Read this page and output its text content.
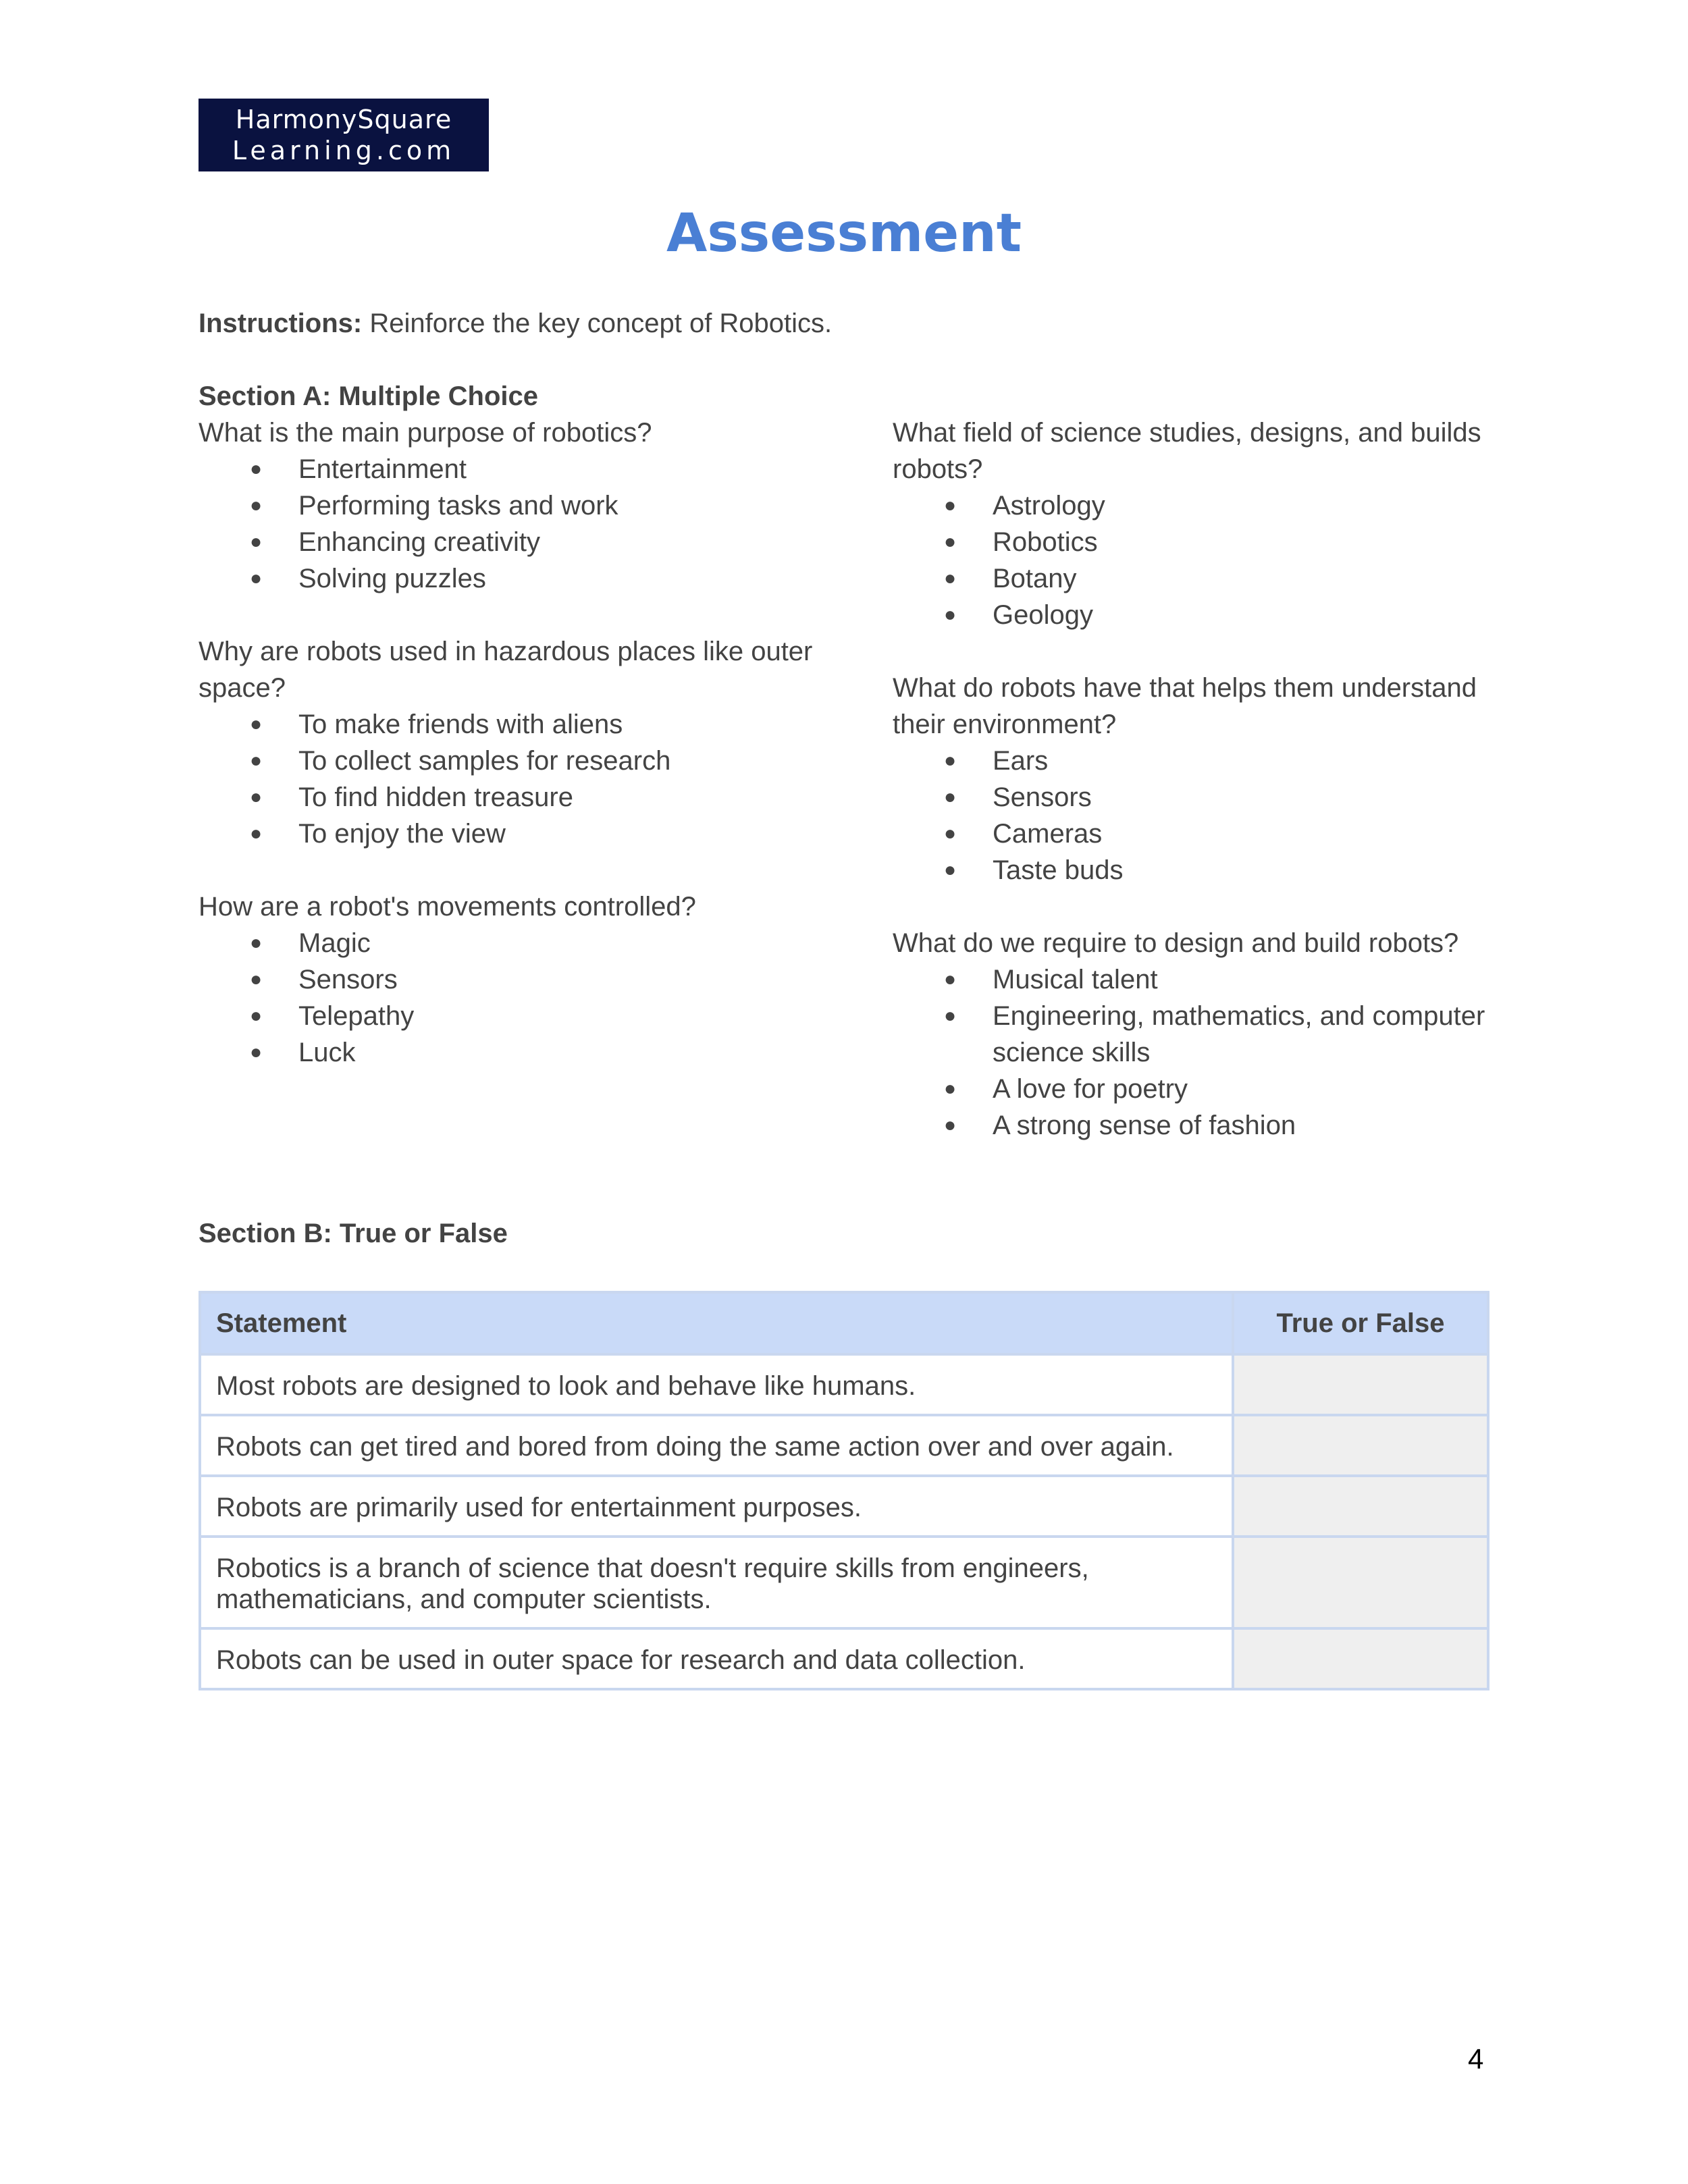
HarmonySquare
Learning.com
Assessment
Instructions: Reinforce the key concept of Robotics.
Section A: Multiple Choice
What is the main purpose of robotics?
● Entertainment
● Performing tasks and work
● Enhancing creativity
● Solving puzzles
Why are robots used in hazardous places like outer space?
● To make friends with aliens
● To collect samples for research
● To find hidden treasure
● To enjoy the view
How are a robot's movements controlled?
● Magic
● Sensors
● Telepathy
● Luck
What field of science studies, designs, and builds robots?
● Astrology
● Robotics
● Botany
● Geology
What do robots have that helps them understand their environment?
● Ears
● Sensors
● Cameras
● Taste buds
What do we require to design and build robots?
● Musical talent
● Engineering, mathematics, and computer science skills
● A love for poetry
● A strong sense of fashion
Section B: True or False
Statement	True or False
Most robots are designed to look and behave like humans.	
Robots can get tired and bored from doing the same action over and over again.	
Robots are primarily used for entertainment purposes.	
Robotics is a branch of science that doesn't require skills from engineers, mathematicians, and computer scientists.	
Robots can be used in outer space for research and data collection.	
4
